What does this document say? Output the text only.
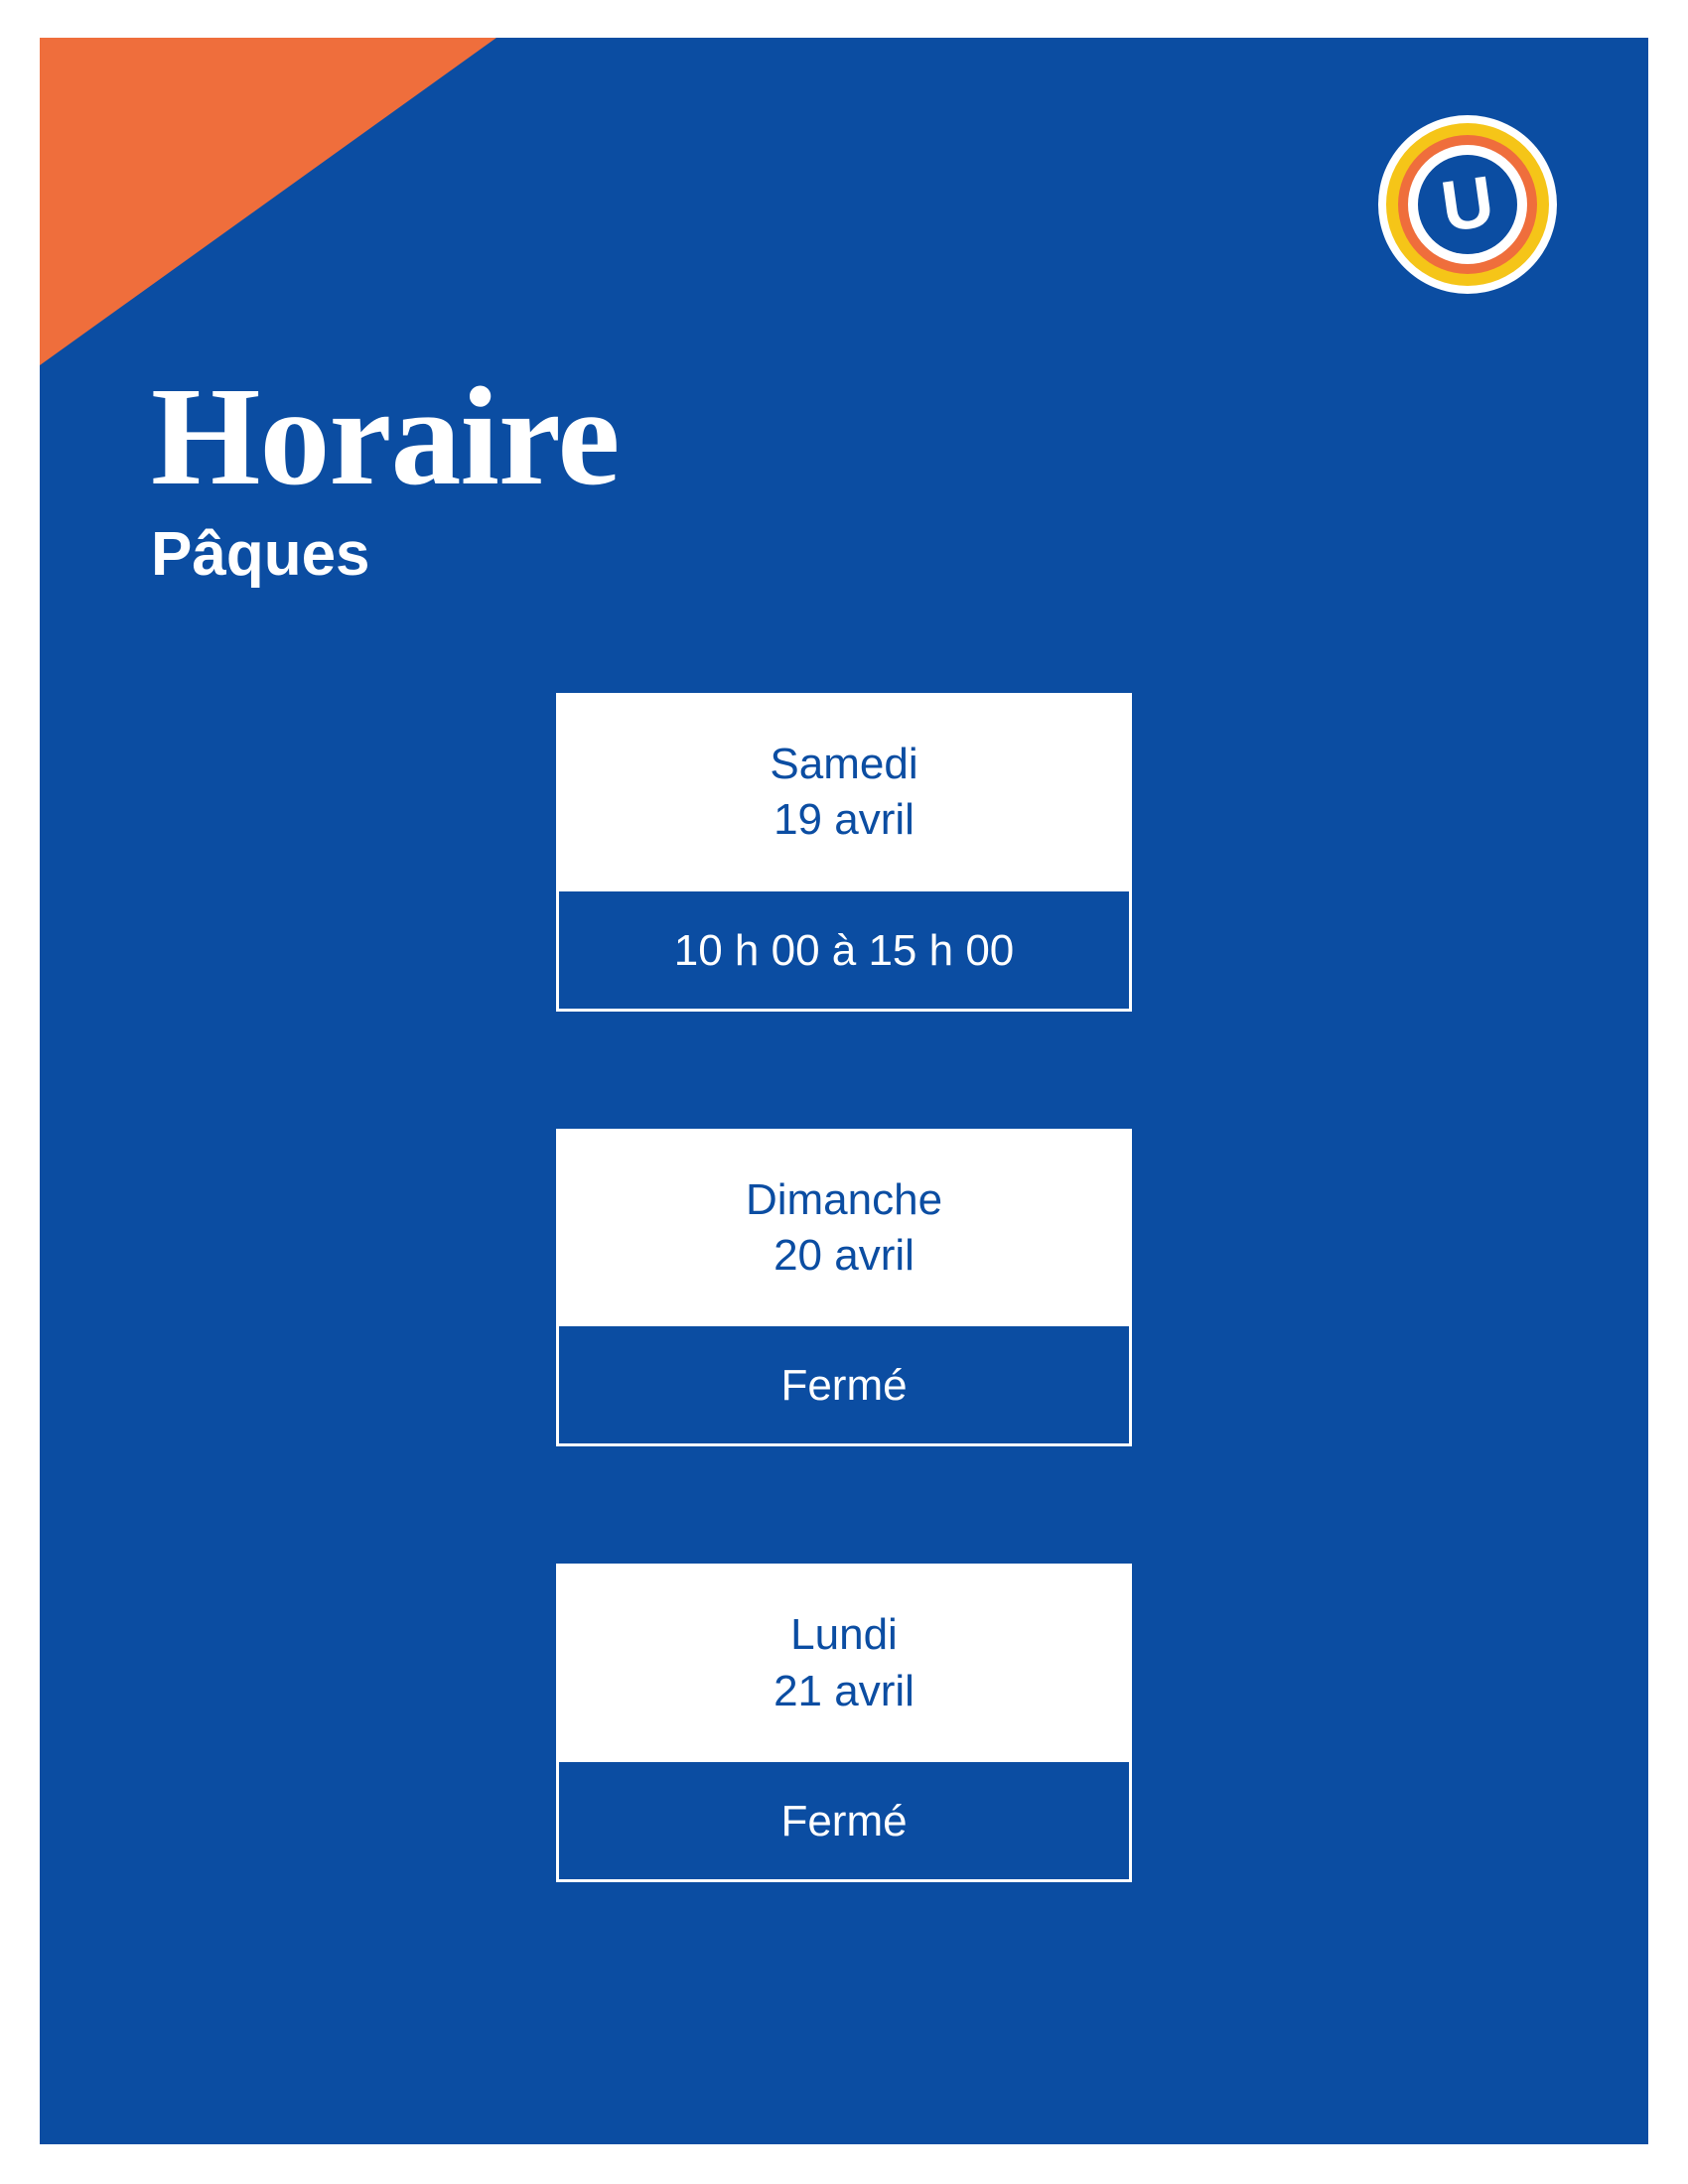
U
Horaire

Pâques

Samedi
19 avril
10 h 00 à 15 h 00
Dimanche
20 avril
Fermé
Lundi
21 avril
Fermé
